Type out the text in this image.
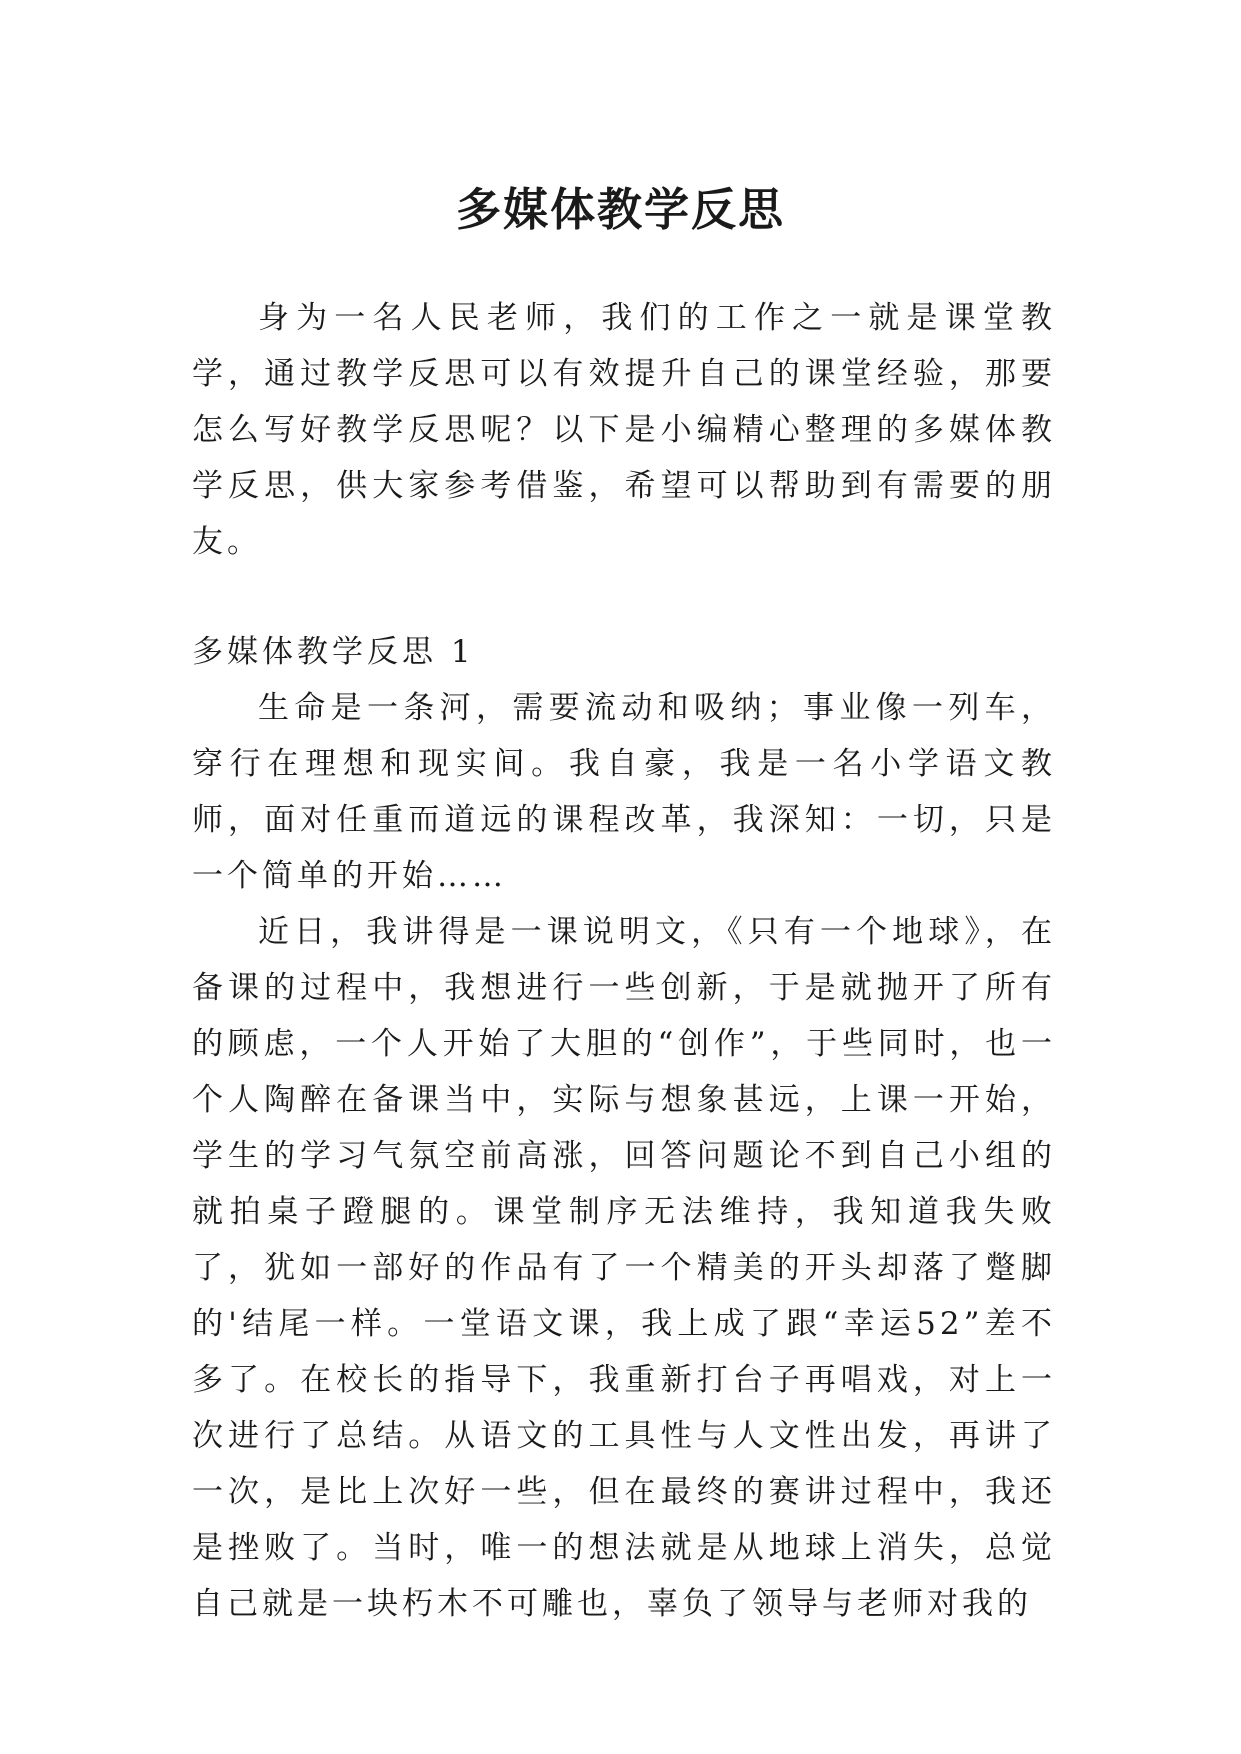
多媒体教学反思

身为一名人民老师，我们的工作之一就是课堂教学，通过教学反思可以有效提升自己的课堂经验，那要怎么写好教学反思呢？以下是小编精心整理的多媒体教学反思，供大家参考借鉴，希望可以帮助到有需要的朋友。

多媒体教学反思 1

生命是一条河，需要流动和吸纳；事业像一列车，穿行在理想和现实间。我自豪，我是一名小学语文教师，面对任重而道远的课程改革，我深知：一切，只是一个简单的开始……

近日，我讲得是一课说明文，《只有一个地球》，在备课的过程中，我想进行一些创新，于是就抛开了所有的顾虑，一个人开始了大胆的“创作”，于些同时，也一个人陶醉在备课当中，实际与想象甚远，上课一开始，学生的学习气氛空前高涨，回答问题论不到自己小组的就拍桌子蹬腿的。课堂制序无法维持，我知道我失败了，犹如一部好的作品有了一个精美的开头却落了蹩脚的'结尾一样。一堂语文课，我上成了跟“幸运52”差不多了。在校长的指导下，我重新打台子再唱戏，对上一次进行了总结。从语文的工具性与人文性出发，再讲了一次，是比上次好一些，但在最终的赛讲过程中，我还是挫败了。当时，唯一的想法就是从地球上消失，总觉自己就是一块朽木不可雕也，辜负了领导与老师对我的
